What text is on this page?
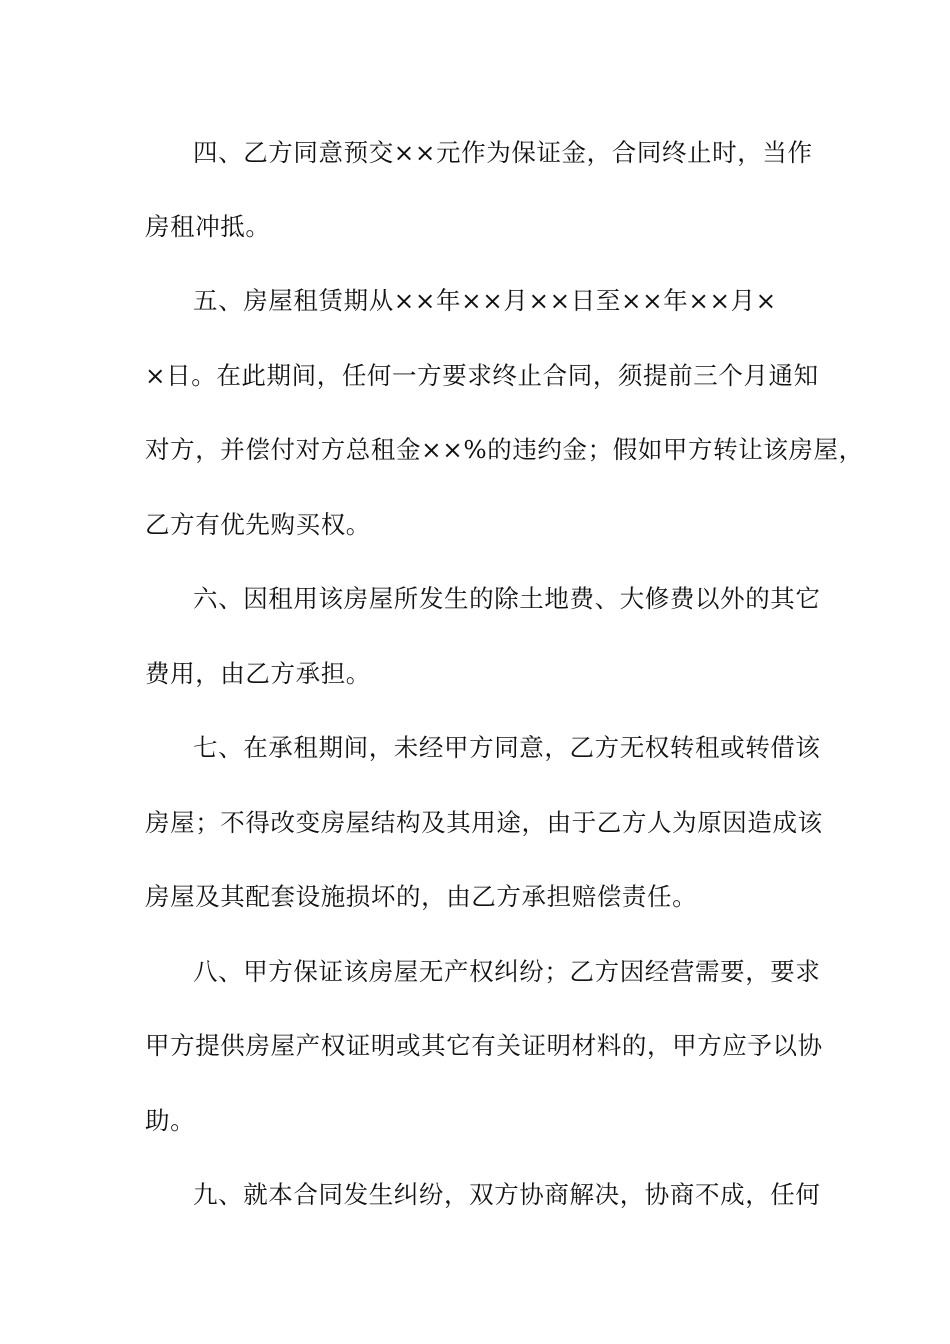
四、乙方同意预交××元作为保证金，合同终止时，当作
房租冲抵。
五、房屋租赁期从××年××月××日至××年××月×
×日。在此期间，任何一方要求终止合同，须提前三个月通知
对方，并偿付对方总租金××%的违约金；假如甲方转让该房屋，
乙方有优先购买权。
六、因租用该房屋所发生的除土地费、大修费以外的其它
费用，由乙方承担。
七、在承租期间，未经甲方同意，乙方无权转租或转借该
房屋；不得改变房屋结构及其用途，由于乙方人为原因造成该
房屋及其配套设施损坏的，由乙方承担赔偿责任。
八、甲方保证该房屋无产权纠纷；乙方因经营需要，要求
甲方提供房屋产权证明或其它有关证明材料的，甲方应予以协
助。
九、就本合同发生纠纷，双方协商解决，协商不成，任何
